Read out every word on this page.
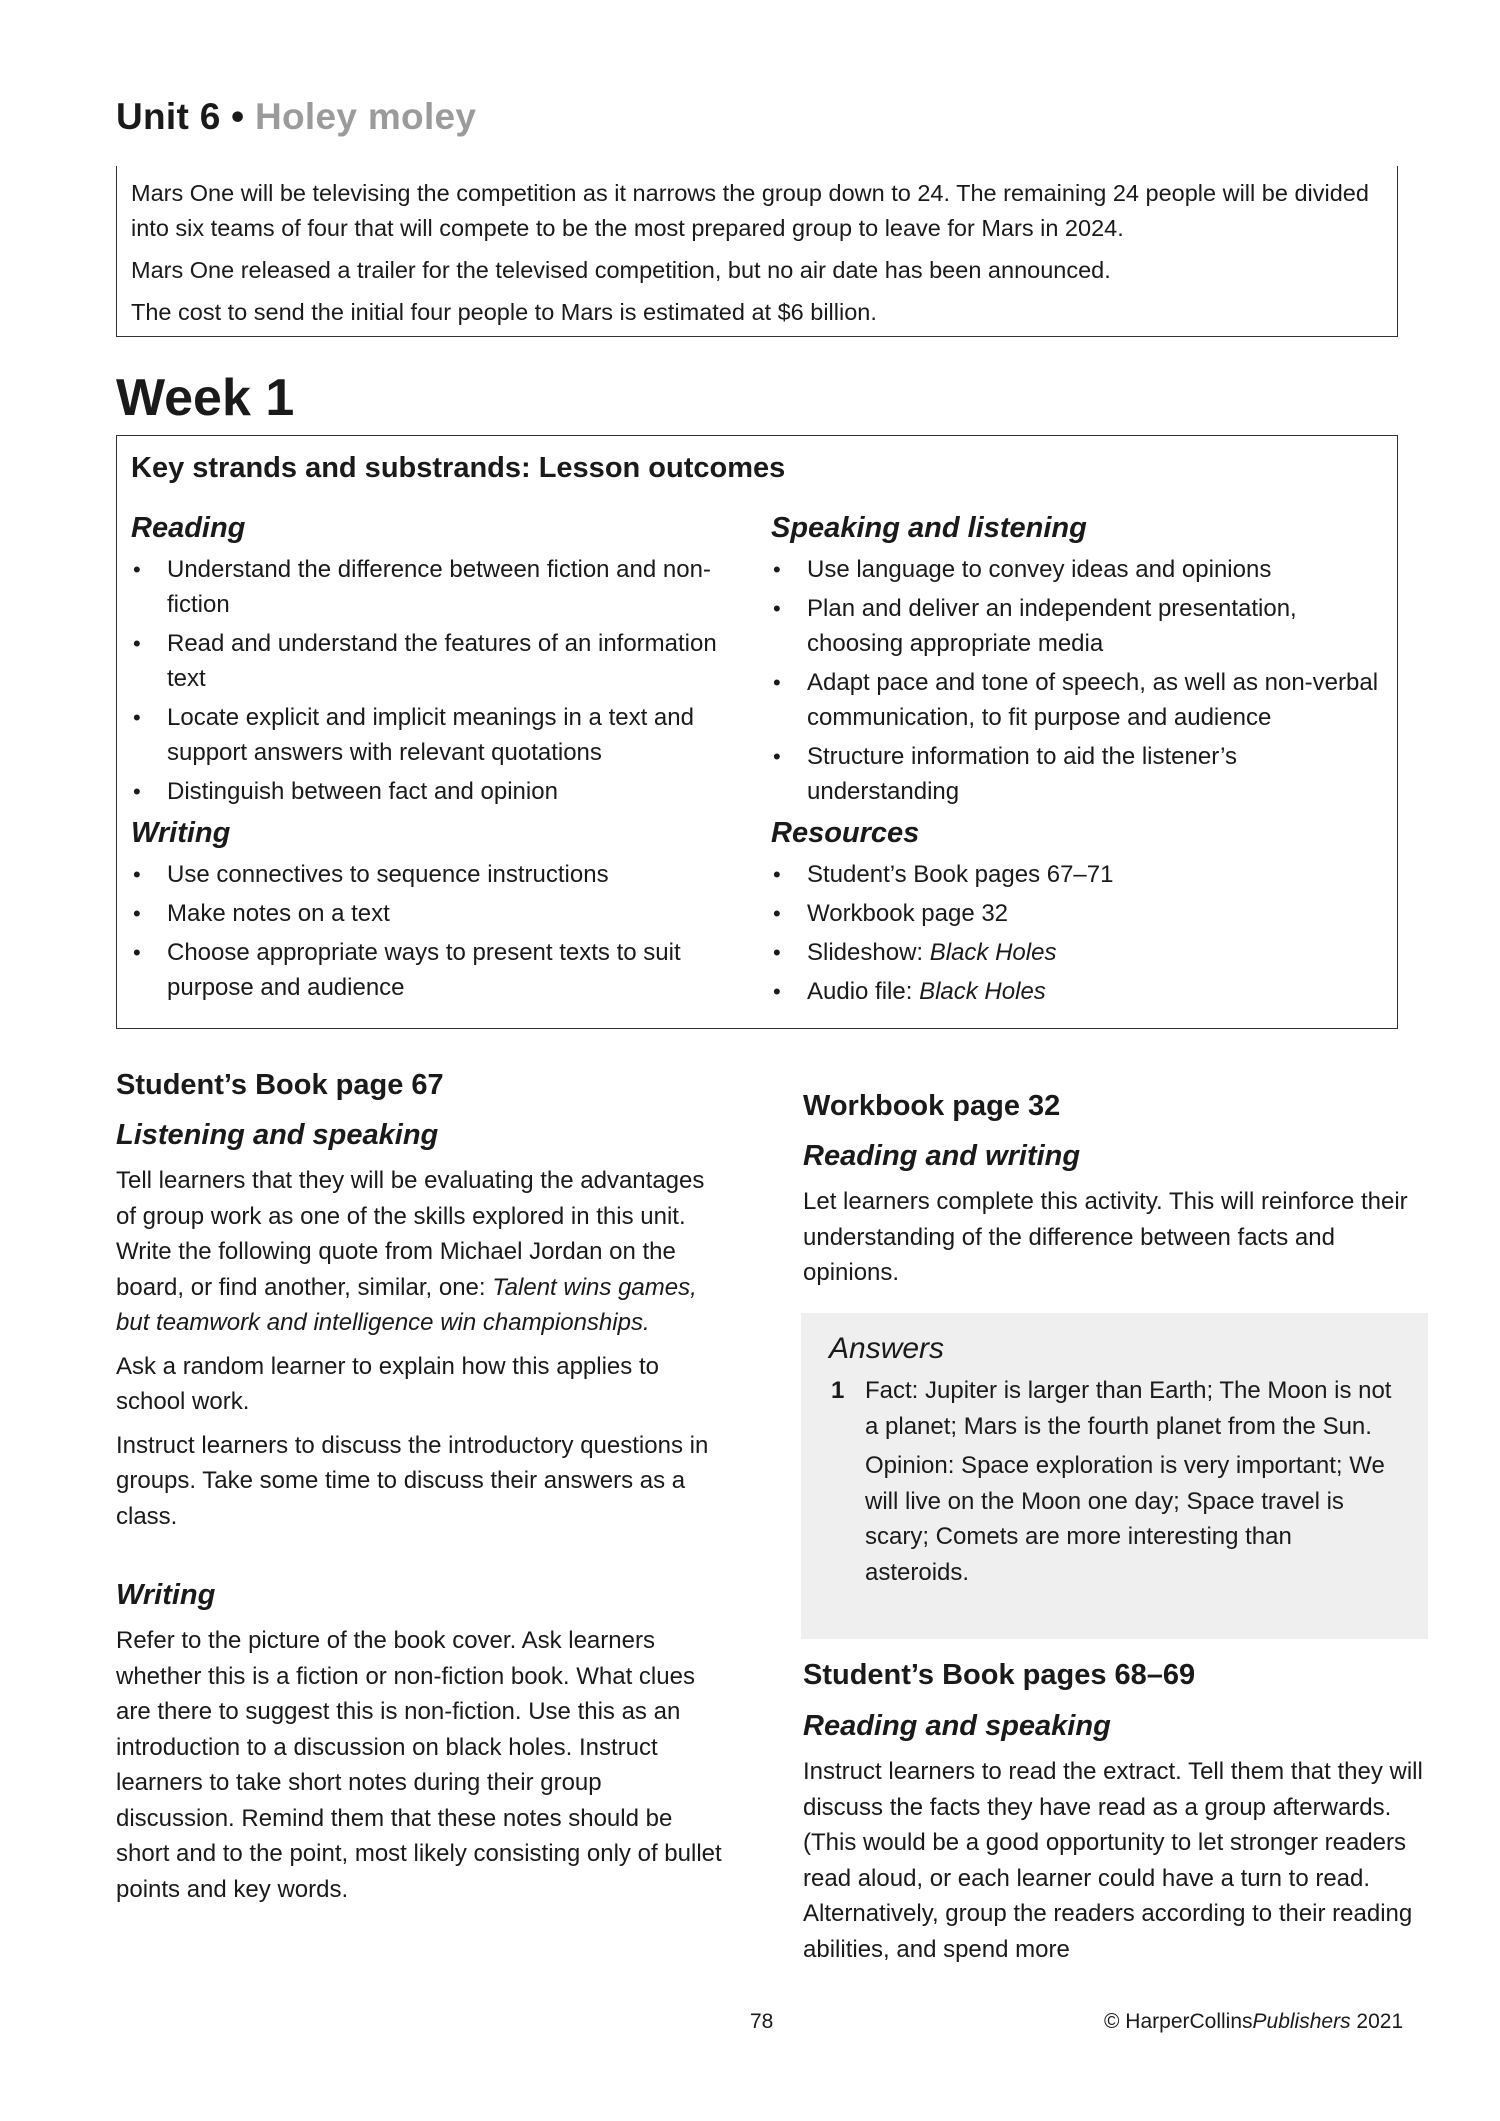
Unit 6 • Holey moley

Mars One will be televising the competition as it narrows the group down to 24. The remaining 24 people will be divided into six teams of four that will compete to be the most prepared group to leave for Mars in 2024.

Mars One released a trailer for the televised competition, but no air date has been announced.

The cost to send the initial four people to Mars is estimated at $6 billion.

Week 1
Key strands and substrands: Lesson outcomes
Reading
• Understand the difference between fiction and non-fiction
• Read and understand the features of an information text
• Locate explicit and implicit meanings in a text and support answers with relevant quotations
• Distinguish between fact and opinion
Writing
• Use connectives to sequence instructions
• Make notes on a text
• Choose appropriate ways to present texts to suit purpose and audience
Speaking and listening
• Use language to convey ideas and opinions
• Plan and deliver an independent presentation, choosing appropriate media
• Adapt pace and tone of speech, as well as non-verbal communication, to fit purpose and audience
• Structure information to aid the listener’s understanding
Resources
• Student’s Book pages 67–71
• Workbook page 32
• Slideshow: Black Holes
• Audio file: Black Holes
Student’s Book page 67
Listening and speaking

Tell learners that they will be evaluating the advantages of group work as one of the skills explored in this unit. Write the following quote from Michael Jordan on the board, or find another, similar, one: Talent wins games, but teamwork and intelligence win championships.

Ask a random learner to explain how this applies to school work.

Instruct learners to discuss the introductory questions in groups. Take some time to discuss their answers as a class.

Writing

Refer to the picture of the book cover. Ask learners whether this is a fiction or non-fiction book. What clues are there to suggest this is non-fiction. Use this as an introduction to a discussion on black holes. Instruct learners to take short notes during their group discussion. Remind them that these notes should be short and to the point, most likely consisting only of bullet points and key words.

Workbook page 32
Reading and writing

Let learners complete this activity. This will reinforce their understanding of the difference between facts and opinions.

Answers
1 Fact: Jupiter is larger than Earth; The Moon is not a planet; Mars is the fourth planet from the Sun.

Opinion: Space exploration is very important; We will live on the Moon one day; Space travel is scary; Comets are more interesting than asteroids.

Student’s Book pages 68–69
Reading and speaking

Instruct learners to read the extract. Tell them that they will discuss the facts they have read as a group afterwards. (This would be a good opportunity to let stronger readers read aloud, or each learner could have a turn to read. Alternatively, group the readers according to their reading abilities, and spend more

78	© HarperCollinsPublishers 2021
